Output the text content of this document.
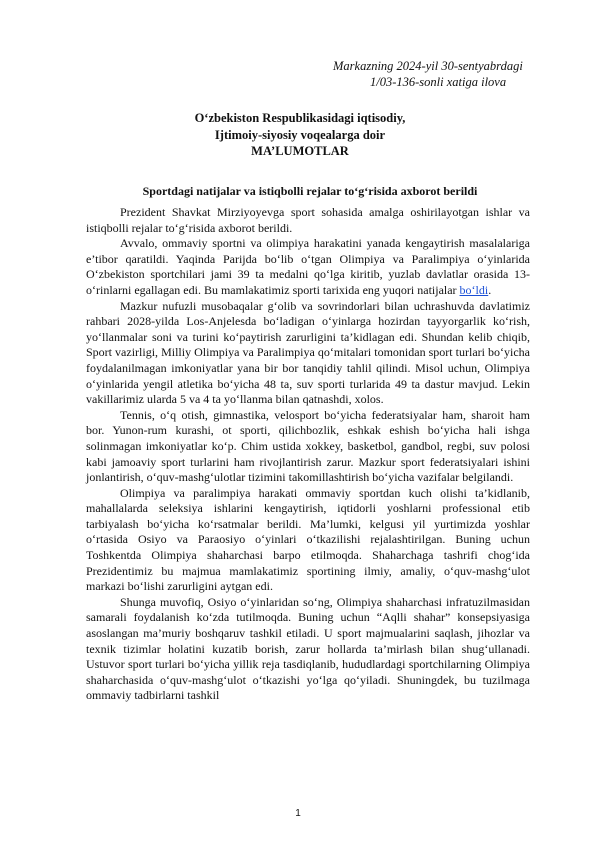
Markazning 2024-yil 30-sentyabrdagi
1/03-136-sonli xatiga ilova
O‘zbekiston Respublikasidagi iqtisodiy,
Ijtimoiy-siyosiy voqealarga doir
MA’LUMOTLAR
Sportdagi natijalar va istiqbolli rejalar to‘g‘risida axborot berildi

Prezident Shavkat Mirziyoyevga sport sohasida amalga oshirilayotgan ishlar va istiqbolli rejalar to‘g‘risida axborot berildi.

Avvalo, ommaviy sportni va olimpiya harakatini yanada kengaytirish masalalariga e’tibor qaratildi. Yaqinda Parijda bo‘lib o‘tgan Olimpiya va Paralimpiya o‘yinlarida O‘zbekiston sportchilari jami 39 ta medalni qo‘lga kiritib, yuzlab davlatlar orasida 13-o‘rinlarni egallagan edi. Bu mamlakatimiz sporti tarixida eng yuqori natijalar bo‘ldi.

Mazkur nufuzli musobaqalar g‘olib va sovrindorlari bilan uchrashuvda davlatimiz rahbari 2028-yilda Los-Anjelesda bo‘ladigan o‘yinlarga hozirdan tayyorgarlik ko‘rish, yo‘llanmalar soni va turini ko‘paytirish zarurligini ta’kidlagan edi. Shundan kelib chiqib, Sport vazirligi, Milliy Olimpiya va Paralimpiya qo‘mitalari tomonidan sport turlari bo‘yicha foydalanilmagan imkoniyatlar yana bir bor tanqidiy tahlil qilindi. Misol uchun, Olimpiya o‘yinlarida yengil atletika bo‘yicha 48 ta, suv sporti turlarida 49 ta dastur mavjud. Lekin vakillarimiz ularda 5 va 4 ta yo‘llanma bilan qatnashdi, xolos.

Tennis, o‘q otish, gimnastika, velosport bo‘yicha federatsiyalar ham, sharoit ham bor. Yunon-rum kurashi, ot sporti, qilichbozlik, eshkak eshish bo‘yicha hali ishga solinmagan imkoniyatlar ko‘p. Chim ustida xokkey, basketbol, gandbol, regbi, suv polosi kabi jamoaviy sport turlarini ham rivojlantirish zarur. Mazkur sport federatsiyalari ishini jonlantirish, o‘quv-mashg‘ulotlar tizimini takomillashtirish bo‘yicha vazifalar belgilandi.

Olimpiya va paralimpiya harakati ommaviy sportdan kuch olishi ta’kidlanib, mahallalarda seleksiya ishlarini kengaytirish, iqtidorli yoshlarni professional etib tarbiyalash bo‘yicha ko‘rsatmalar berildi. Ma’lumki, kelgusi yil yurtimizda yoshlar o‘rtasida Osiyo va Paraosiyo o‘yinlari o‘tkazilishi rejalashtirilgan. Buning uchun Toshkentda Olimpiya shaharchasi barpo etilmoqda. Shaharchaga tashrifi chog‘ida Prezidentimiz bu majmua mamlakatimiz sportining ilmiy, amaliy, o‘quv-mashg‘ulot markazi bo‘lishi zarurligini aytgan edi.

Shunga muvofiq, Osiyo o‘yinlaridan so‘ng, Olimpiya shaharchasi infratuzilmasidan samarali foydalanish ko‘zda tutilmoqda. Buning uchun “Aqlli shahar” konsepsiyasiga asoslangan ma’muriy boshqaruv tashkil etiladi. U sport majmualarini saqlash, jihozlar va texnik tizimlar holatini kuzatib borish, zarur hollarda ta’mirlash bilan shug‘ullanadi. Ustuvor sport turlari bo‘yicha yillik reja tasdiqlanib, hududlardagi sportchilarning Olimpiya shaharchasida o‘quv-mashg‘ulot o‘tkazishi yo‘lga qo‘yiladi. Shuningdek, bu tuzilmaga ommaviy tadbirlarni tashkil

1
